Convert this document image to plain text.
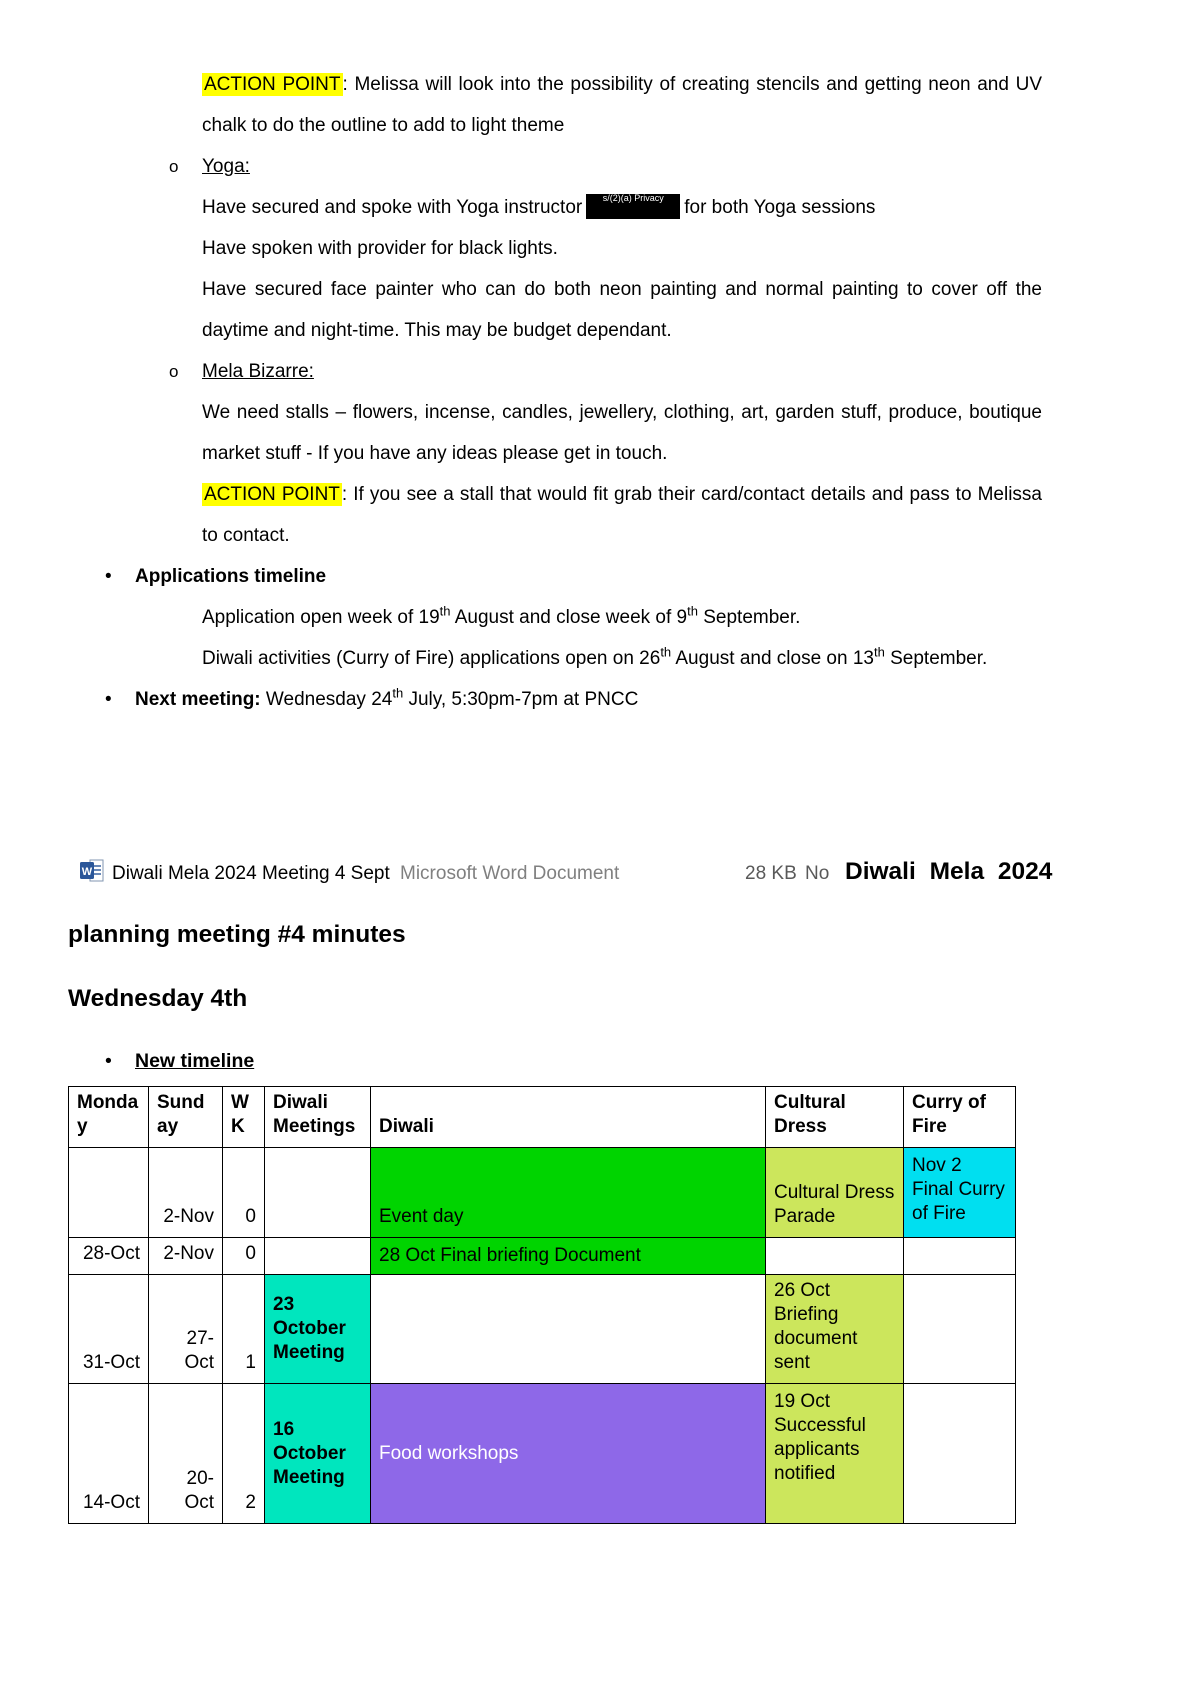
ACTION POINT : Melissa will look into the possibility of creating stencils and getting neon and UV chalk to do the outline to add to light theme

o Yoga:

Have secured and spoke with Yoga instructor s/(2)(a) Privacy for both Yoga sessions

Have spoken with provider for black lights.

Have secured face painter who can do both neon painting and normal painting to cover off the daytime and night-time. This may be budget dependant.

o Mela Bizarre:

We need stalls – flowers, incense, candles, jewellery, clothing, art, garden stuff, produce, boutique market stuff - If you have any ideas please get in touch.

ACTION POINT : If you see a stall that would fit grab their card/contact details and pass to Melissa to contact.

• Applications timeline

Application open week of 19th August and close week of 9th September.

Diwali activities (Curry of Fire) applications open on 26th August and close on 13th September.

• Next meeting: Wednesday 24th July, 5:30pm-7pm at PNCC

W Diwali Mela 2024 Meeting 4 Sept Microsoft Word Document	28 KB No Diwali Mela 2024
planning meeting #4 minutes
Wednesday 4th

• New timeline

Monday	Sunday	WK	Diwali Meetings	Diwali	Cultural Dress	Curry of Fire
	2-Nov	0		Event day	Cultural Dress Parade	Nov 2 Final Curry of Fire
28-Oct	2-Nov	0		28 Oct Final briefing Document		
31-Oct	27-Oct	1	23 October Meeting		26 Oct Briefing document sent	
14-Oct	20-Oct	2	16 October Meeting	Food workshops	19 Oct Successful applicants notified	
